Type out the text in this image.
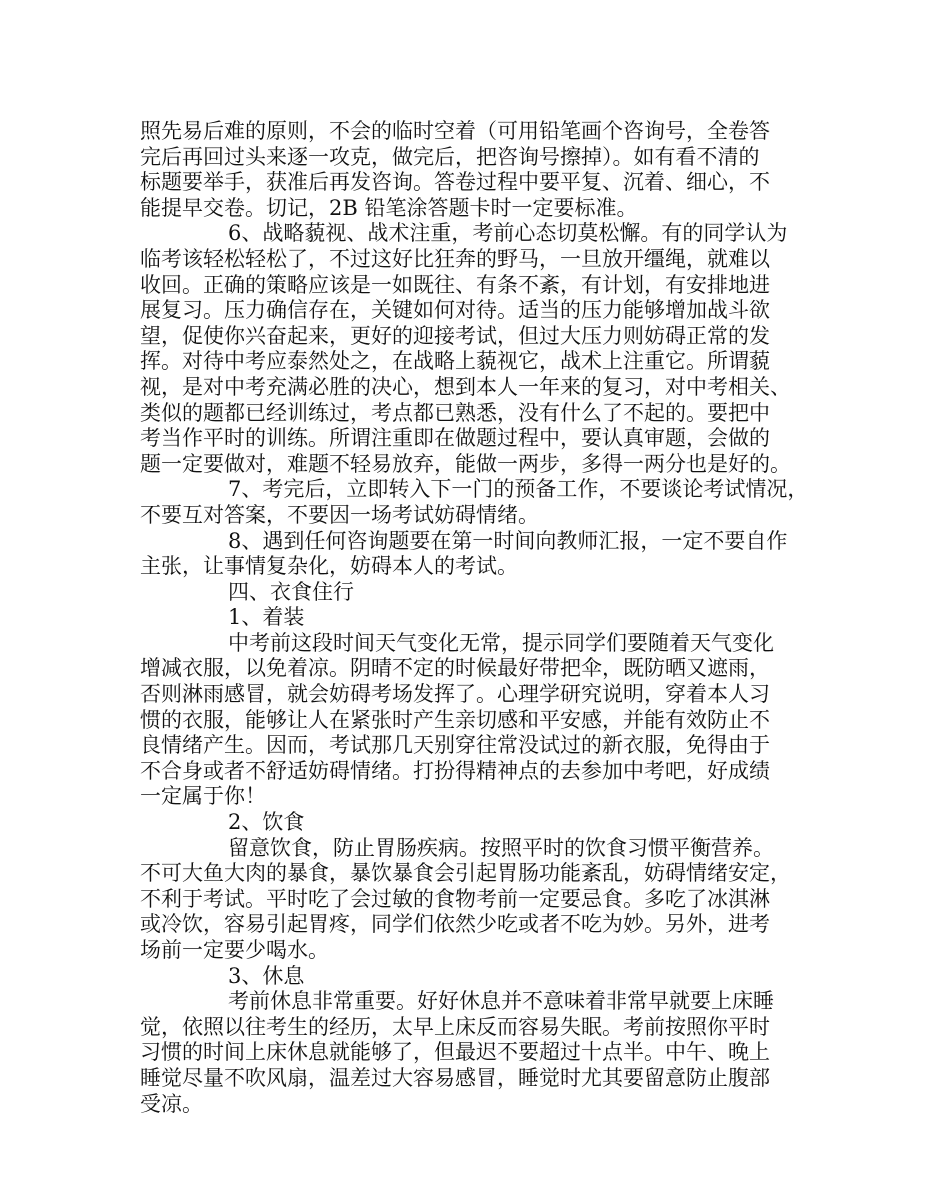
照先易后难的原则，不会的临时空着（可用铅笔画个咨询号，全卷答
完后再回过头来逐一攻克，做完后，把咨询号擦掉）。如有看不清的
标题要举手，获准后再发咨询。答卷过程中要平复、沉着、细心，不
能提早交卷。切记，2B 铅笔涂答题卡时一定要标准。
6、战略藐视、战术注重，考前心态切莫松懈。有的同学认为
临考该轻松轻松了，不过这好比狂奔的野马，一旦放开缰绳，就难以
收回。正确的策略应该是一如既往、有条不紊，有计划，有安排地进
展复习。压力确信存在，关键如何对待。适当的压力能够增加战斗欲
望，促使你兴奋起来，更好的迎接考试，但过大压力则妨碍正常的发
挥。对待中考应泰然处之，在战略上藐视它，战术上注重它。所谓藐
视，是对中考充满必胜的决心，想到本人一年来的复习，对中考相关、
类似的题都已经训练过，考点都已熟悉，没有什么了不起的。要把中
考当作平时的训练。所谓注重即在做题过程中，要认真审题，会做的
题一定要做对，难题不轻易放弃，能做一两步，多得一两分也是好的。
7、考完后，立即转入下一门的预备工作，不要谈论考试情况，
不要互对答案，不要因一场考试妨碍情绪。
8、遇到任何咨询题要在第一时间向教师汇报，一定不要自作
主张，让事情复杂化，妨碍本人的考试。
四、衣食住行
1、着装
中考前这段时间天气变化无常，提示同学们要随着天气变化
增减衣服，以免着凉。阴晴不定的时候最好带把伞，既防晒又遮雨，
否则淋雨感冒，就会妨碍考场发挥了。心理学研究说明，穿着本人习
惯的衣服，能够让人在紧张时产生亲切感和平安感，并能有效防止不
良情绪产生。因而，考试那几天别穿往常没试过的新衣服，免得由于
不合身或者不舒适妨碍情绪。打扮得精神点的去参加中考吧，好成绩
一定属于你！
2、饮食
留意饮食，防止胃肠疾病。按照平时的饮食习惯平衡营养。
不可大鱼大肉的暴食，暴饮暴食会引起胃肠功能紊乱，妨碍情绪安定，
不利于考试。平时吃了会过敏的食物考前一定要忌食。多吃了冰淇淋
或冷饮，容易引起胃疼，同学们依然少吃或者不吃为妙。另外，进考
场前一定要少喝水。
3、休息
考前休息非常重要。好好休息并不意味着非常早就要上床睡
觉，依照以往考生的经历，太早上床反而容易失眠。考前按照你平时
习惯的时间上床休息就能够了，但最迟不要超过十点半。中午、晚上
睡觉尽量不吹风扇，温差过大容易感冒，睡觉时尤其要留意防止腹部
受凉。
